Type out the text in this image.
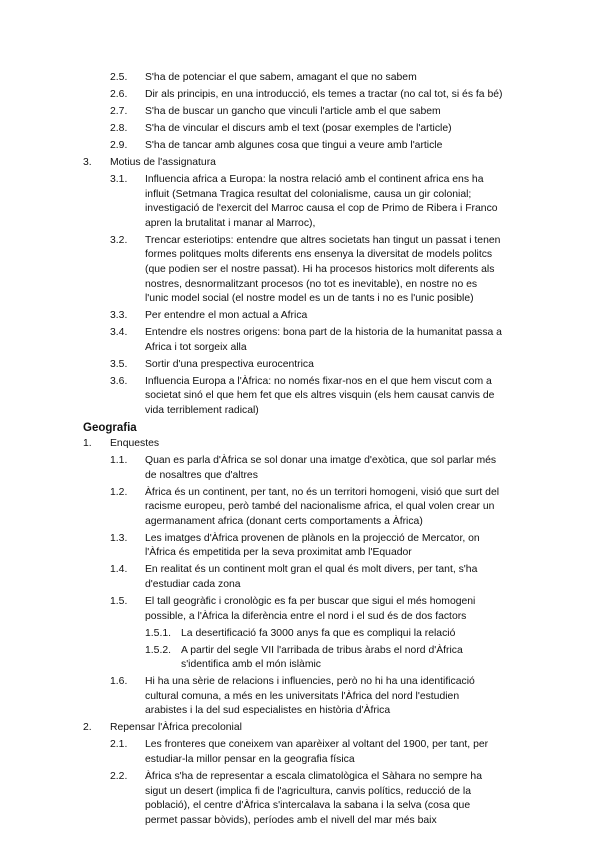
Geografia
2.5. S'ha de potenciar el que sabem, amagant el que no sabem
2.6. Dir als principis, en una introducció, els temes a tractar (no cal tot, si és fa bé)
2.7. S'ha de buscar un gancho que vinculi l'article amb el que sabem
2.8. S'ha de vincular el discurs amb el text (posar exemples de l'article)
2.9. S'ha de tancar amb algunes cosa que tingui a veure amb l'article
3. Motius de l'assignatura
3.1. Influencia africa a Europa: la nostra relació amb el continent africa ens ha
influit (Setmana Tragica resultat del colonialisme, causa un gir colonial;
investigació de l'exercit del Marroc causa el cop de Primo de Ribera i Franco
apren la brutalitat i manar al Marroc),
3.2. Trencar esteriotips: entendre que altres societats han tingut un passat i tenen
formes politques molts diferents ens ensenya la diversitat de models politcs
(que podien ser el nostre passat). Hi ha procesos historics molt diferents als
nostres, desnormalitzant procesos (no tot es inevitable), en nostre no es
l'unic model social (el nostre model es un de tants i no es l'unic posible)
3.3. Per entendre el mon actual a Africa
3.4. Entendre els nostres origens: bona part de la historia de la humanitat passa a
Africa i tot sorgeix alla
3.5. Sortir d'una prespectiva eurocentrica
3.6. Influencia Europa a l'Àfrica: no només fixar-nos en el que hem viscut com a
societat sinó el que hem fet que els altres visquin (els hem causat canvis de
vida terriblement radical)
1. Enquestes
1.1. Quan es parla d'Àfrica se sol donar una imatge d'exòtica, que sol parlar més
de nosaltres que d'altres
1.2. Àfrica és un continent, per tant, no és un territori homogeni, visió que surt del
racisme europeu, però també del nacionalisme africa, el qual volen crear un
agermanament africa (donant certs comportaments a Àfrica)
1.3. Les imatges d'Àfrica provenen de plànols en la projecció de Mercator, on
l'Àfrica és empetitida per la seva proximitat amb l'Equador
1.4. En realitat és un continent molt gran el qual és molt divers, per tant, s'ha
d'estudiar cada zona
1.5. El tall geogràfic i cronològic es fa per buscar que sigui el més homogeni
possible, a l'Àfrica la diferència entre el nord i el sud és de dos factors
1.5.1. La desertificació fa 3000 anys fa que es compliqui la relació
1.5.2. A partir del segle VII l'arribada de tribus àrabs el nord d'Àfrica
s'identifica amb el món islàmic
1.6. Hi ha una sèrie de relacions i influencies, però no hi ha una identificació
cultural comuna, a més en les universitats l'Àfrica del nord l'estudien
arabistes i la del sud especialistes en història d'Àfrica
2. Repensar l'Àfrica precolonial
2.1. Les fronteres que coneixem van aparèixer al voltant del 1900, per tant, per
estudiar-la millor pensar en la geografia física
2.2. Àfrica s'ha de representar a escala climatològica el Sàhara no sempre ha
sigut un desert (implica fi de l'agricultura, canvis polítics, reducció de la
població), el centre d'Àfrica s'intercalava la sabana i la selva (cosa que
permet passar bòvids), períodes amb el nivell del mar més baix
